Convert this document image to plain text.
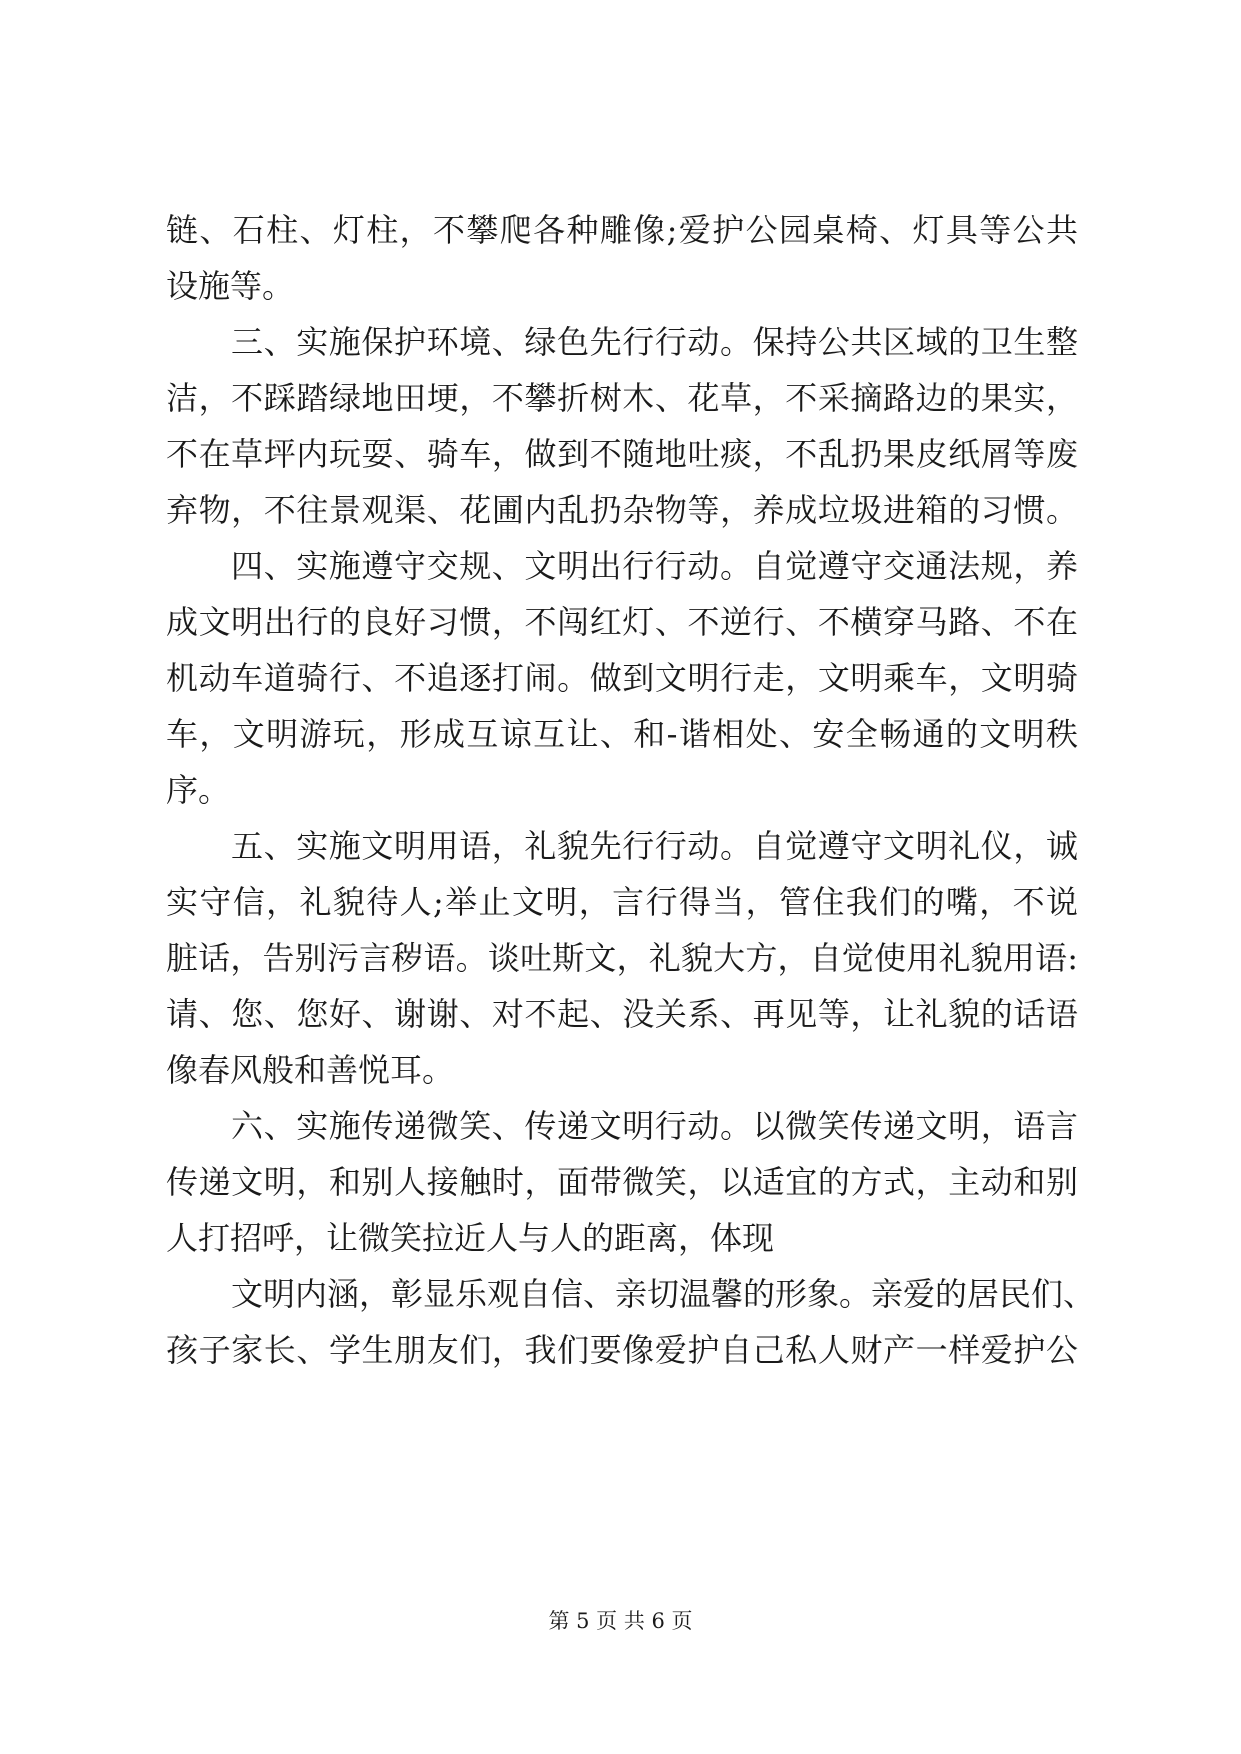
链、石柱、灯柱，不攀爬各种雕像;爱护公园桌椅、灯具等公共
设施等。
三、实施保护环境、绿色先行行动。保持公共区域的卫生整
洁，不踩踏绿地田埂，不攀折树木、花草，不采摘路边的果实，
不在草坪内玩耍、骑车，做到不随地吐痰，不乱扔果皮纸屑等废
弃物，不往景观渠、花圃内乱扔杂物等，养成垃圾进箱的习惯。
四、实施遵守交规、文明出行行动。自觉遵守交通法规，养
成文明出行的良好习惯，不闯红灯、不逆行、不横穿马路、不在
机动车道骑行、不追逐打闹。做到文明行走，文明乘车，文明骑
车，文明游玩，形成互谅互让、和-谐相处、安全畅通的文明秩
序。
五、实施文明用语，礼貌先行行动。自觉遵守文明礼仪，诚
实守信，礼貌待人;举止文明，言行得当，管住我们的嘴，不说
脏话，告别污言秽语。谈吐斯文，礼貌大方，自觉使用礼貌用语:
请、您、您好、谢谢、对不起、没关系、再见等，让礼貌的话语
像春风般和善悦耳。
六、实施传递微笑、传递文明行动。以微笑传递文明，语言
传递文明，和别人接触时，面带微笑，以适宜的方式，主动和别
人打招呼，让微笑拉近人与人的距离，体现
文明内涵，彰显乐观自信、亲切温馨的形象。亲爱的居民们、
孩子家长、学生朋友们，我们要像爱护自己私人财产一样爱护公
第 5 页 共 6 页
